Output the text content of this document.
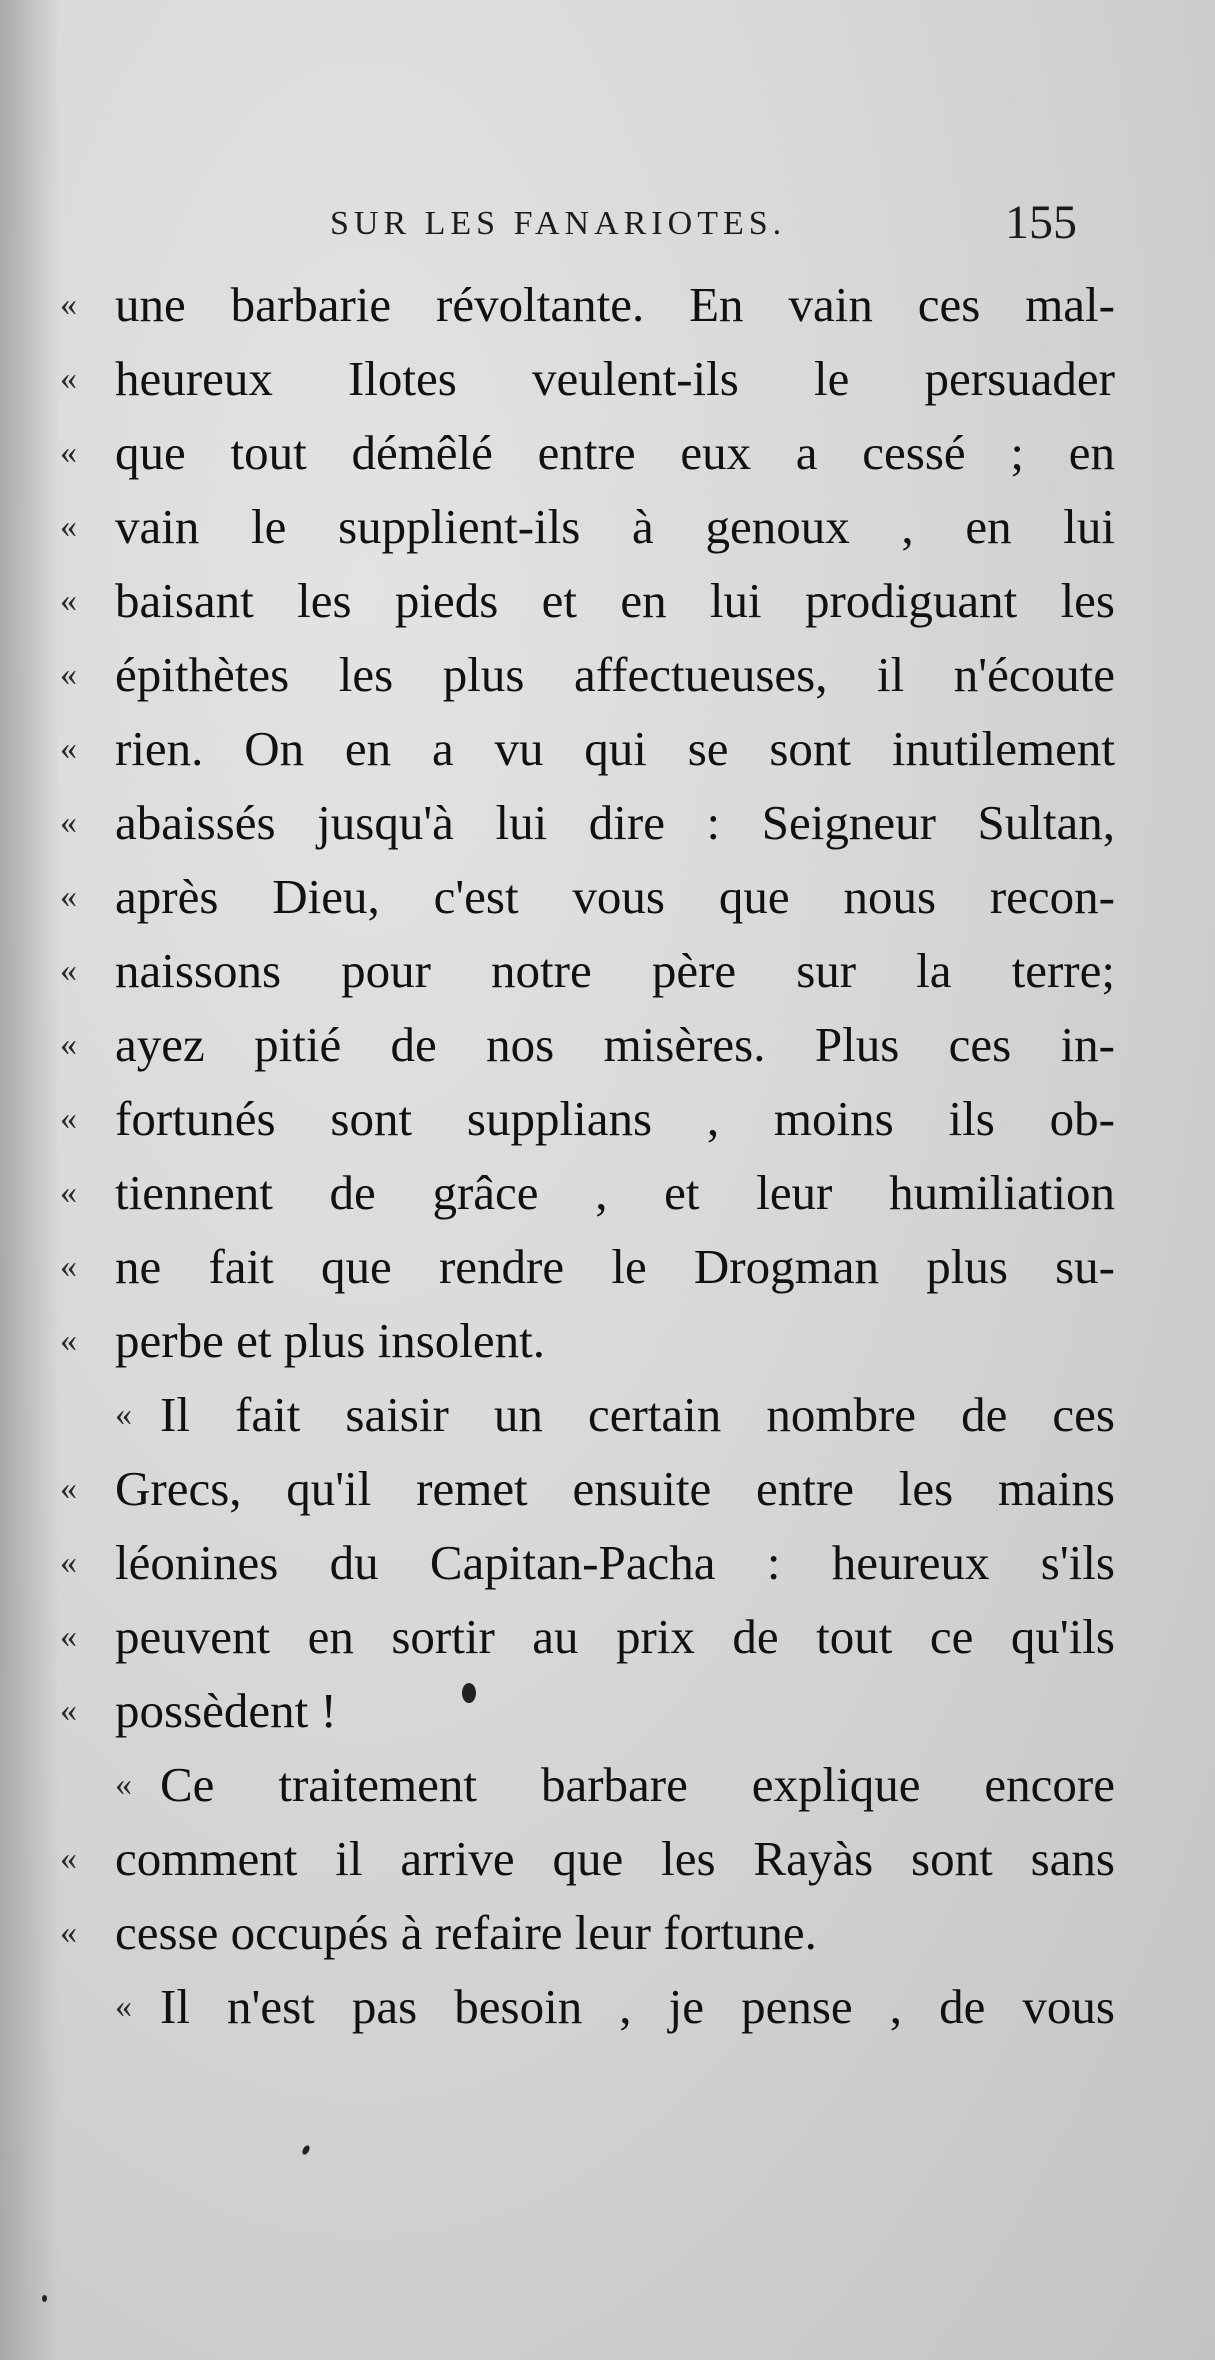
SUR LES FANARIOTES.	155
« une barbarie révoltante. En vain ces mal-
« heureux Ilotes veulent-ils le persuader
« que tout démêlé entre eux a cessé ; en
« vain le supplient-ils à genoux , en lui
« baisant les pieds et en lui prodiguant les
« épithètes les plus affectueuses, il n'écoute
« rien. On en a vu qui se sont inutilement
« abaissés jusqu'à lui dire : Seigneur Sultan,
« après Dieu, c'est vous que nous recon-
« naissons pour notre père sur la terre;
« ayez pitié de nos misères. Plus ces in-
« fortunés sont supplians , moins ils ob-
« tiennent de grâce , et leur humiliation
« ne fait que rendre le Drogman plus su-
« perbe et plus insolent.
« Il fait saisir un certain nombre de ces
« Grecs, qu'il remet ensuite entre les mains
« léonines du Capitan-Pacha : heureux s'ils
« peuvent en sortir au prix de tout ce qu'ils
« possèdent !
« Ce traitement barbare explique encore
« comment il arrive que les Rayàs sont sans
« cesse occupés à refaire leur fortune.
« Il n'est pas besoin , je pense , de vous
